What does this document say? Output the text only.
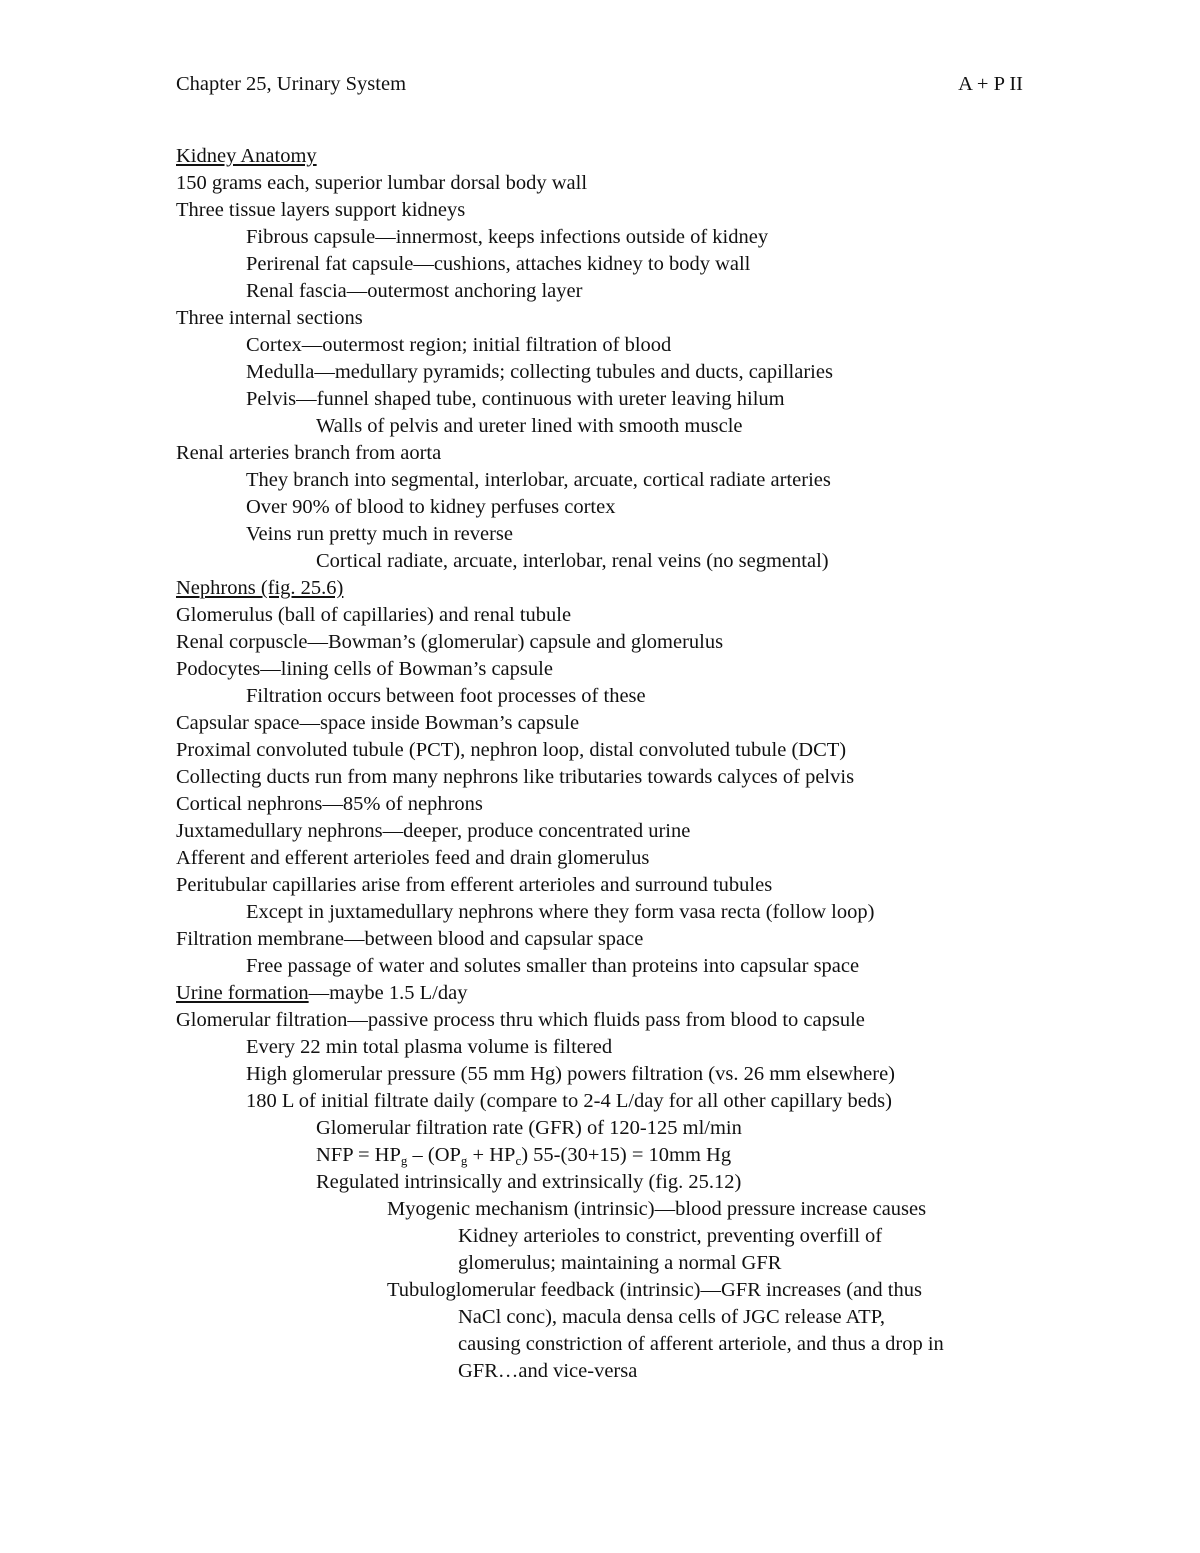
Chapter 25, Urinary System	A + P II
Kidney Anatomy
150 grams each, superior lumbar dorsal body wall
Three tissue layers support kidneys
Fibrous capsule—innermost, keeps infections outside of kidney
Perirenal fat capsule—cushions, attaches kidney to body wall
Renal fascia—outermost anchoring layer
Three internal sections
Cortex—outermost region; initial filtration of blood
Medulla—medullary pyramids; collecting tubules and ducts, capillaries
Pelvis—funnel shaped tube, continuous with ureter leaving hilum
Walls of pelvis and ureter lined with smooth muscle
Renal arteries branch from aorta
They branch into segmental, interlobar, arcuate, cortical radiate arteries
Over 90% of blood to kidney perfuses cortex
Veins run pretty much in reverse
Cortical radiate, arcuate, interlobar, renal veins (no segmental)
Nephrons (fig. 25.6)
Glomerulus (ball of capillaries) and renal tubule
Renal corpuscle—Bowman’s (glomerular) capsule and glomerulus
Podocytes—lining cells of Bowman’s capsule
Filtration occurs between foot processes of these
Capsular space—space inside Bowman’s capsule
Proximal convoluted tubule (PCT), nephron loop, distal convoluted tubule (DCT)
Collecting ducts run from many nephrons like tributaries towards calyces of pelvis
Cortical nephrons—85% of nephrons
Juxtamedullary nephrons—deeper, produce concentrated urine
Afferent and efferent arterioles feed and drain glomerulus
Peritubular capillaries arise from efferent arterioles and surround tubules
Except in juxtamedullary nephrons where they form vasa recta (follow loop)
Filtration membrane—between blood and capsular space
Free passage of water and solutes smaller than proteins into capsular space
Urine formation—maybe 1.5 L/day
Glomerular filtration—passive process thru which fluids pass from blood to capsule
Every 22 min total plasma volume is filtered
High glomerular pressure (55 mm Hg) powers filtration (vs. 26 mm elsewhere)
180 L of initial filtrate daily (compare to 2-4 L/day for all other capillary beds)
Glomerular filtration rate (GFR) of 120-125 ml/min
NFP = $HP_g - (OP_g + HP_c) 55-(30+15) = 10mm$ Hg
Regulated intrinsically and extrinsically (fig. 25.12)
Myogenic mechanism (intrinsic)—blood pressure increase causes
Kidney arterioles to constrict, preventing overfill of
glomerulus; maintaining a normal GFR
Tubuloglomerular feedback (intrinsic)—GFR increases (and thus
NaCl conc), macula densa cells of JGC release ATP,
causing constriction of afferent arteriole, and thus a drop in
GFR…and vice-versa
